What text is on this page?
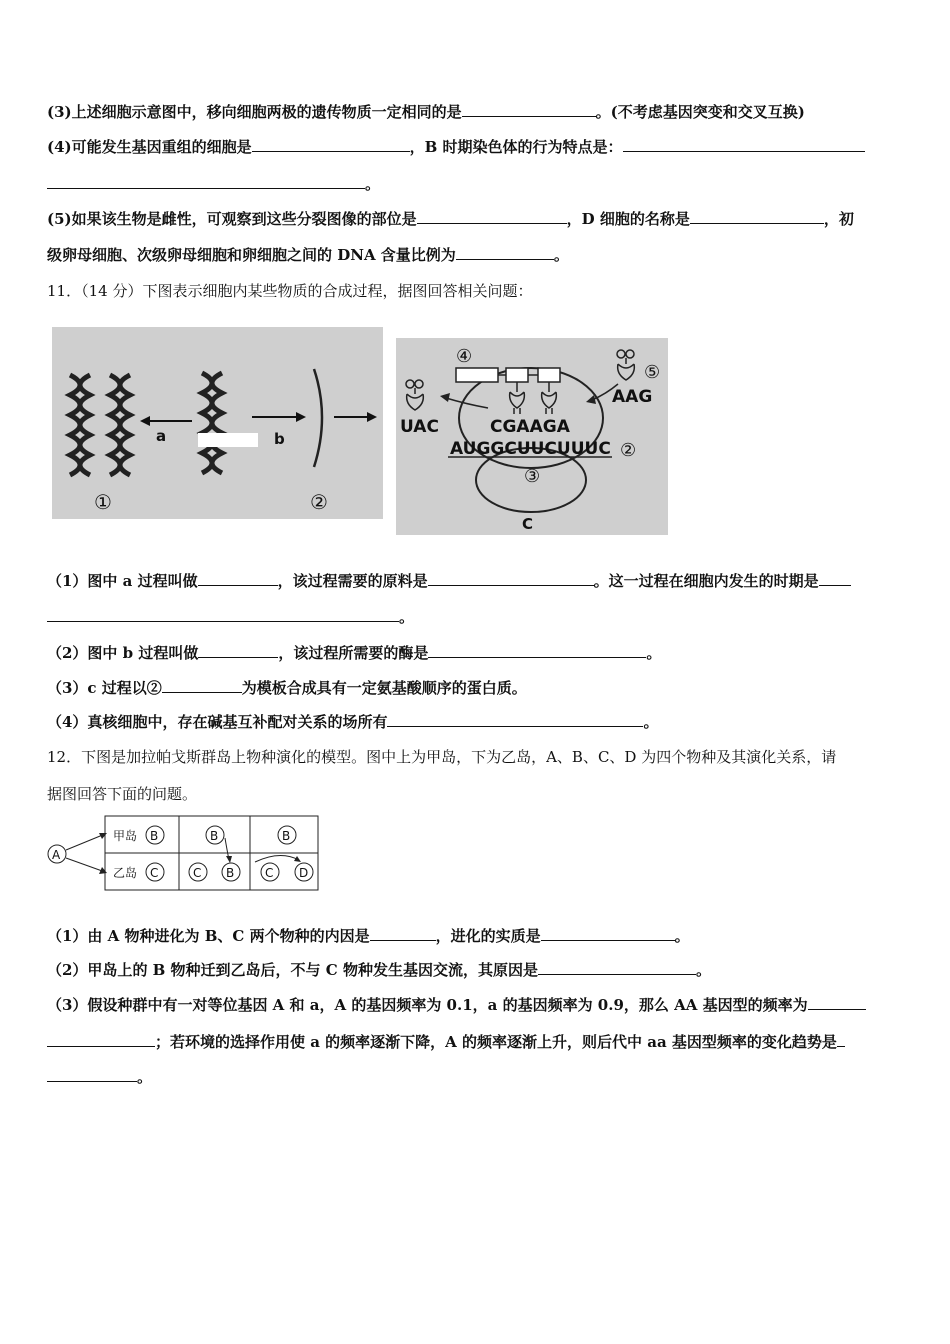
(3)上述细胞示意图中，移向细胞两极的遗传物质一定相同的是	。(不考虑基因突变和交叉互换)
(4)可能发生基因重组的细胞是	，B 时期染色体的行为特点是：
。
(5)如果该生物是雌性，可观察到这些分裂图像的部位是	，D 细胞的名称是	，初
级卵母细胞、次级卵母细胞和卵细胞之间的 DNA 含量比例为	。
11．（14 分）下图表示细胞内某些物质的合成过程，据图回答相关问题：
a	b
①	②
④
⑤
AAG
UAC	CGAAGA
AUGGCUUCUUUC ②
③
C
（1）图中 a 过程叫做	，该过程需要的原料是	。这一过程在细胞内发生的时期是
。
（2）图中 b 过程叫做	，该过程所需要的酶是	。
（3）c 过程以②	为模板合成具有一定氨基酸顺序的蛋白质。
（4）真核细胞中，存在碱基互补配对关系的场所有	。
12．下图是加拉帕戈斯群岛上物种演化的模型。图中上为甲岛，下为乙岛，A、B、C、D 为四个物种及其演化关系，请
据图回答下面的问题。
A
甲岛 B	B	B
乙岛 C	C B	C D
（1）由 A 物种进化为 B、C 两个物种的内因是	，进化的实质是	。
（2）甲岛上的 B 物种迁到乙岛后，不与 C 物种发生基因交流，其原因是	。
（3）假设种群中有一对等位基因 A 和 a，A 的基因频率为 0.1，a 的基因频率为 0.9，那么 AA 基因型的频率为
；若环境的选择作用使 a 的频率逐渐下降，A 的频率逐渐上升，则后代中 aa 基因型频率的变化趋势是
。
